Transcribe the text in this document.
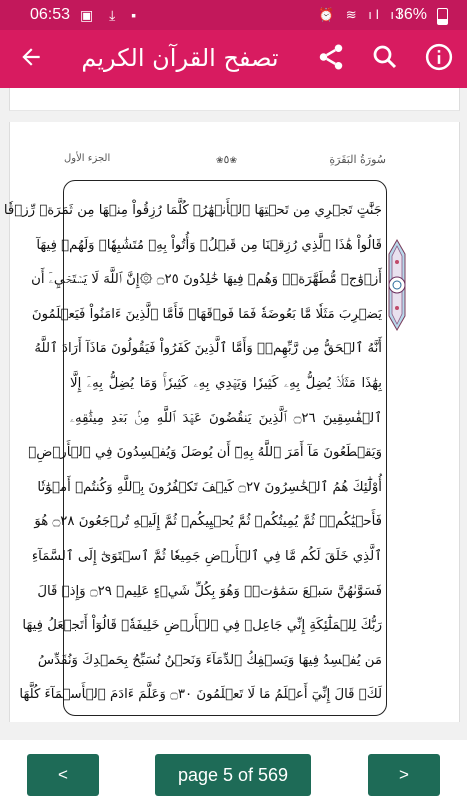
06:53 ▣ ⤓ ▪	⏰ ≋ ıl ıl
36%
تصفح القرآن الكريم
سُورَةُ البَقَرَةِ
❀٥❀
الجزء الأول
جَنَّٰتٍ تَجۡرِي مِن تَحۡتِهَا ٱلۡأَنۡهَٰرُۖ كُلَّمَا رُزِقُواْ مِنۡهَا مِن ثَمَرَةٖ رِّزۡقٗا
قَالُواْ هَٰذَا ٱلَّذِي رُزِقۡنَا مِن قَبۡلُۖ وَأُتُواْ بِهِۦ مُتَشَٰبِهٗاۖ وَلَهُمۡ فِيهَآ
أَزۡوَٰجٞ مُّطَهَّرَةٞۖ وَهُمۡ فِيهَا خَٰلِدُونَ ۝٢٥ ۞إِنَّ ٱللَّهَ لَا يَسۡتَحۡيِۦٓ أَن
يَضۡرِبَ مَثَلٗا مَّا بَعُوضَةٗ فَمَا فَوۡقَهَاۚ فَأَمَّا ٱلَّذِينَ ءَامَنُواْ فَيَعۡلَمُونَ
أَنَّهُ ٱلۡحَقُّ مِن رَّبِّهِمۡۖ وَأَمَّا ٱلَّذِينَ كَفَرُواْ فَيَقُولُونَ مَاذَآ أَرَادَ ٱللَّهُ
بِهَٰذَا مَثَلٗاۘ يُضِلُّ بِهِۦ كَثِيرٗا وَيَهۡدِي بِهِۦ كَثِيرٗاۚ وَمَا يُضِلُّ بِهِۦٓ إِلَّا
ٱلۡفَٰسِقِينَ ۝٢٦ ٱلَّذِينَ يَنقُضُونَ عَهۡدَ ٱللَّهِ مِنۢ بَعۡدِ مِيثَٰقِهِۦ
وَيَقۡطَعُونَ مَآ أَمَرَ ٱللَّهُ بِهِۦٓ أَن يُوصَلَ وَيُفۡسِدُونَ فِي ٱلۡأَرۡضِۚ
أُوْلَٰٓئِكَ هُمُ ٱلۡخَٰسِرُونَ ۝٢٧ كَيۡفَ تَكۡفُرُونَ بِٱللَّهِ وَكُنتُمۡ أَمۡوَٰتٗا
فَأَحۡيَٰكُمۡۖ ثُمَّ يُمِيتُكُمۡ ثُمَّ يُحۡيِيكُمۡ ثُمَّ إِلَيۡهِ تُرۡجَعُونَ ۝٢٨ هُوَ
ٱلَّذِي خَلَقَ لَكُم مَّا فِي ٱلۡأَرۡضِ جَمِيعٗا ثُمَّ ٱسۡتَوَىٰٓ إِلَى ٱلسَّمَآءِ
فَسَوَّىٰهُنَّ سَبۡعَ سَمَٰوَٰتٖۚ وَهُوَ بِكُلِّ شَيۡءٍ عَلِيمٞ ۝٢٩ وَإِذۡ قَالَ
رَبُّكَ لِلۡمَلَٰٓئِكَةِ إِنِّي جَاعِلٞ فِي ٱلۡأَرۡضِ خَلِيفَةٗۖ قَالُوٓاْ أَتَجۡعَلُ فِيهَا
مَن يُفۡسِدُ فِيهَا وَيَسۡفِكُ ٱلدِّمَآءَ وَنَحۡنُ نُسَبِّحُ بِحَمۡدِكَ وَنُقَدِّسُ
لَكَۖ قَالَ إِنِّيٓ أَعۡلَمُ مَا لَا تَعۡلَمُونَ ۝٣٠ وَعَلَّمَ ءَادَمَ ٱلۡأَسۡمَآءَ كُلَّهَا
<	page 5 of 569	>
